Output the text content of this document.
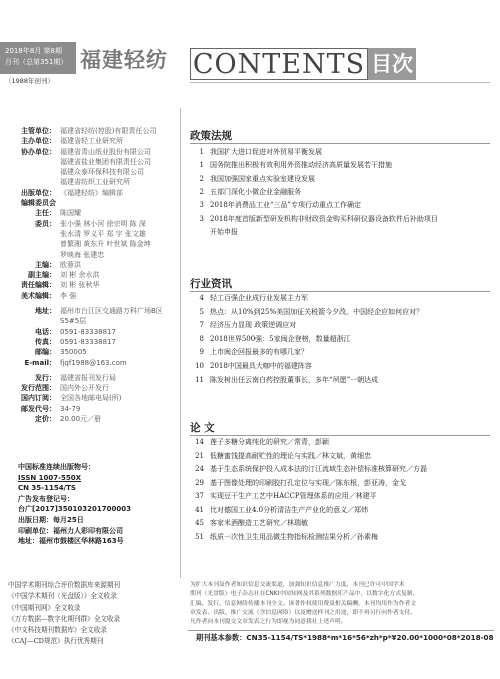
2018年8月 第8期
月刊（总第351期） 福建轻纺
（1988年创刊）
CONTENTS 目次
主管单位： 福建省轻纺(控股)有限责任公司
主办单位： 福建省轻工业研究所
协办单位： 福建省青山纸业股份有限公司
福建省盐业集团有限责任公司
福建众泰环保科技有限公司
福建省纺织工业研究所
出版单位： 《福建轻纺》编辑部
编辑委员会
主任： 陈国耀
委员： 张小强 林小河 徐宗明 陈 深
张水清 罗义平 郑 宇 张文雄
曾繁湘 黄东升 叶世斌 陈金坤
罗映海 张建忠
主编： 欧蓉洪
副主编： 刘 彬 余水洪
责任编辑： 刘 彬 张秋华
美术编辑： 李 强
地址： 福州市台江区交通路万科广场B区
S5#5层
电话： 0591-83338817
传真： 0591-83338817
邮编： 350005
E-mail： fjqf1988@163.com
发行： 福建省报刊发行局
发行范围： 国内外公开发行
国内订阅： 全国各地邮电局(所)
邮发代号： 34-79
定价： 20.00元／册
中国标准连续出版物号：
ISSN 1007-550X
CN 35-1154/TS
广告发布登记号：
台广[2017]350103201700003
出版日期：每月25日
印刷单位：福州力人彩印有限公司
地址：福州市鼓楼区华林路163号
中国学术期刊综合评价数据库来源期刊
《中国学术期刊（光盘版）》全文收录
《中国期刊网》全文收录
《万方数据—数字化期刊群》全文收录
《中文科技期刊数据库》全文收录
《CAJ—CD规范》执行优秀期刊
政策法规
1 我国扩大进口促进对外贸易平衡发展
1 国务院推出积极有效利用外资推动经济高质量发展若干措施
2 我国加强国家重点实验室建设发展
2 五部门深化小微企业金融服务
3 2018年消费品工业“三品”专项行动重点工作确定
3 2018年度首版新型研发机构非财政资金购买科研仪器设备软件后补助项目
开始申报
行业资讯
4 轻工百强企业成行业发展主力军
5 热点：从10%到25%美国加征关税箭今夕改。中国经企应如何应对？
7 经济压力显现 政策逆调应对
8 2018世界500强：5家闽企登榜，数量超浙江
9 上市闽企回报最多的有哪几家？
10 2018中国最具大咖中的福建阵容
11 陈发树出任云南白药控股董事长，多年“夙愿”一朝达成
论 文
14 莲子多糖分离纯化的研究／常青，彭颖
21 低糖蜜饯提高耐贮性的理论与实践／林文斌，黄细忠
24 基于生态系统保护投入成本法的汀江流域生态补偿标准核算研究／方磊
29 基于图像处理的印刷胶打孔定位与实现／陈东根，彭亚涛，金戈
37 实现豆干生产工艺中HACCP管理体系的应用／林建平
41 比对德国工业4.0分析清洁生产产业化的意义／郑炜
45 客家米酒酿造工艺研究／林瑞敏
51 纸质一次性卫生用品微生物指标检测结果分析／孙素梅
为扩大本刊及作者知识信息交流渠道，加强知识信息推广力度，本刊已许可中国学术
期刊（光盘版）电子杂志社在CNKI中国知网及其系列数据库产品中，以数字化方式复制、
汇编、发行、信息网络传播本刊全文。该著作权使用费及相关稿酬，本刊均用作为作者文
章发表、出版、推广交流（含信息网络）以及赠送样刊之用途，即不再另行向作者支付。
凡作者向本刊提交文章发表之行为即视为同意我社上述声明。
期刊基本参数：CN35-1154/TS*1988*m*16*56*zh*p*¥20.00*1000*08*2018-08
